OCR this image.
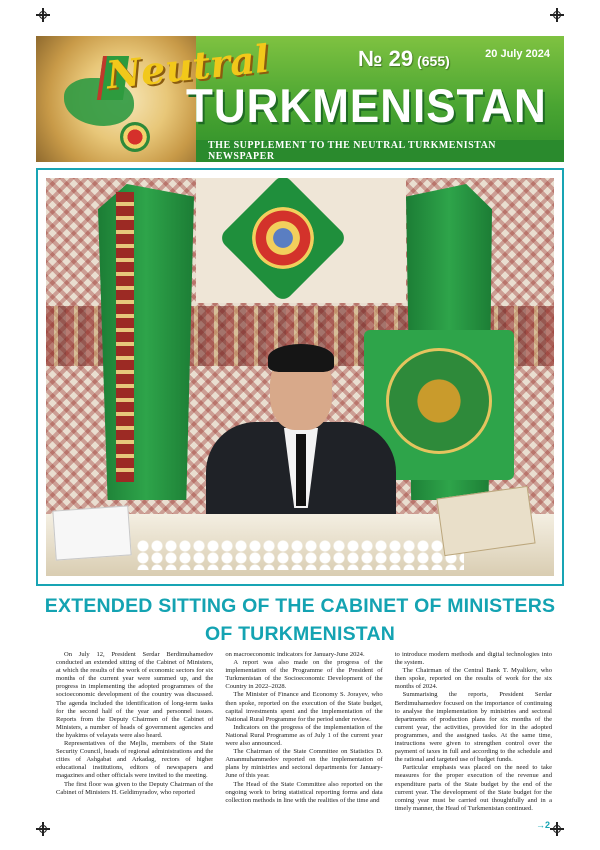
Neutral
TURKMENISTAN
№ 29 (655)	20 July 2024
THE SUPPLEMENT TO THE NEUTRAL TURKMENISTAN NEWSPAPER
EXTENDED SITTING OF THE CABINET OF MINISTERS
OF TURKMENISTAN

On July 12, President Serdar Berdimuhamedov conducted an extended sitting of the Cabinet of Ministers, at which the results of the work of economic sectors for six months of the current year were summed up, and the progress in implementing the adopted programmes of the socioeconomic development of the country was discussed. The agenda included the identification of long-term tasks for the second half of the year and personnel issues. Reports from the Deputy Chairmen of the Cabinet of Ministers, a number of heads of government agencies and the hyakims of velayats were also heard.

Representatives of the Mejlis, members of the State Security Council, heads of regional administrations and the cities of Ashgabat and Arkadag, rectors of higher educational institutions, editors of newspapers and magazines and other officials were invited to the meeting.

The first floor was given to the Deputy Chairman of the Cabinet of Ministers H. Geldimyradov, who reported

on macroeconomic indicators for January-June 2024.

A report was also made on the progress of the implementation of the Programme of the President of Turkmenistan of the Socioeconomic Development of the Country in 2022–2028.

The Minister of Finance and Economy S. Jorayev, who then spoke, reported on the execution of the State budget, capital investments spent and the implementation of the National Rural Programme for the period under review.

Indicators on the progress of the implementation of the National Rural Programme as of July 1 of the current year were also announced.

The Chairman of the State Committee on Statistics D. Amanmuhammedov reported on the implementation of plans by ministries and sectoral departments for January-June of this year.

The Head of the State Committee also reported on the ongoing work to bring statistical reporting forms and data collection methods in line with the realities of the time and

to introduce modern methods and digital technologies into the system.

The Chairman of the Central Bank T. Myalikov, who then spoke, reported on the results of work for the six months of 2024.

Summarising the reports, President Serdar Berdimuhamedov focused on the importance of continuing to analyse the implementation by ministries and sectoral departments of production plans for six months of the current year, the activities, provided for in the adopted programmes, and the assigned tasks. At the same time, instructions were given to strengthen control over the payment of taxes in full and according to the schedule and the rational and targeted use of budget funds.

Particular emphasis was placed on the need to take measures for the proper execution of the revenue and expenditure parts of the State budget by the end of the current year. The development of the State budget for the coming year must be carried out thoughtfully and in a timely manner, the Head of Turkmenistan continued.

→2
